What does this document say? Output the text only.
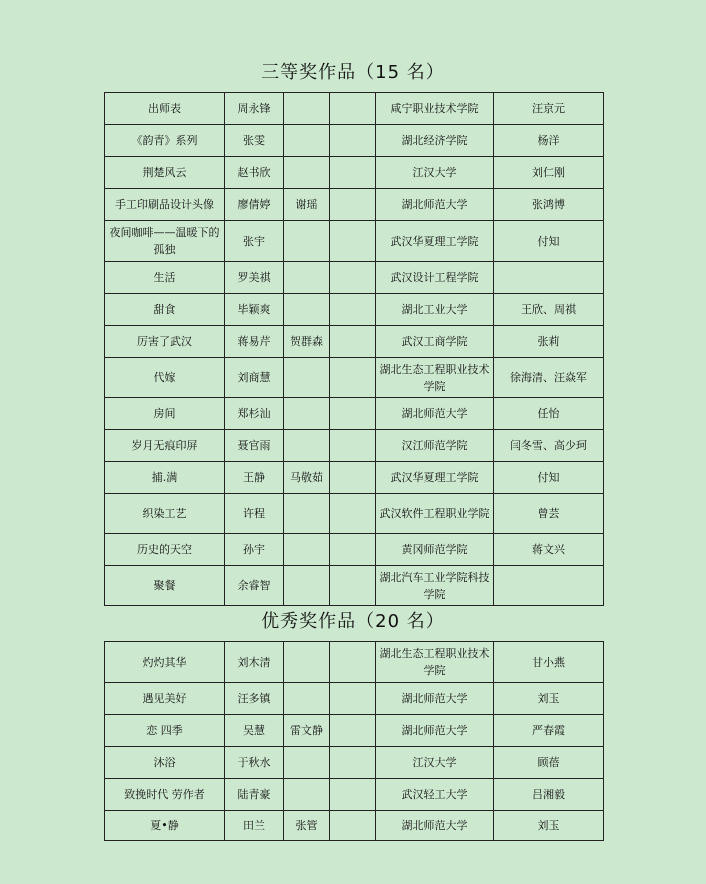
三等奖作品（15 名）
出师表	周永锋			咸宁职业技术学院	汪京元
《韵青》系列	张雯			湖北经济学院	杨洋
荆楚风云	赵书欣			江汉大学	刘仁刚
手工印刷品设计头像	廖倩婷	谢瑶		湖北师范大学	张鸿博
夜间咖啡——温暖下的孤独	张宇			武汉华夏理工学院	付知
生活	罗美祺			武汉设计工程学院	
甜食	毕颖爽			湖北工业大学	王欣、周祺
厉害了武汉	蒋易芹	贺群森		武汉工商学院	张莉
代嫁	刘商慧			湖北生态工程职业技术学院	徐海清、汪焱军
房间	郑杉汕			湖北师范大学	任怡
岁月无痕印屏	聂官雨			汉江师范学院	闫冬雪、高少珂
捕.满	王静	马敬茹		武汉华夏理工学院	付知
织染工艺	许程			武汉软件工程职业学院	曾芸
历史的天空	孙宇			黄冈师范学院	蒋文兴
聚餐	余睿智			湖北汽车工业学院科技学院	
优秀奖作品（20 名）
灼灼其华	刘木清			湖北生态工程职业技术学院	甘小燕
遇见美好	汪多镇			湖北师范大学	刘玉
恋 四季	吴慧	雷文静		湖北师范大学	严春霞
沐浴	于秋水			江汉大学	顾蓓
致挽时代 劳作者	陆青豪			武汉轻工大学	吕湘毅
夏•静	田兰	张管		湖北师范大学	刘玉
